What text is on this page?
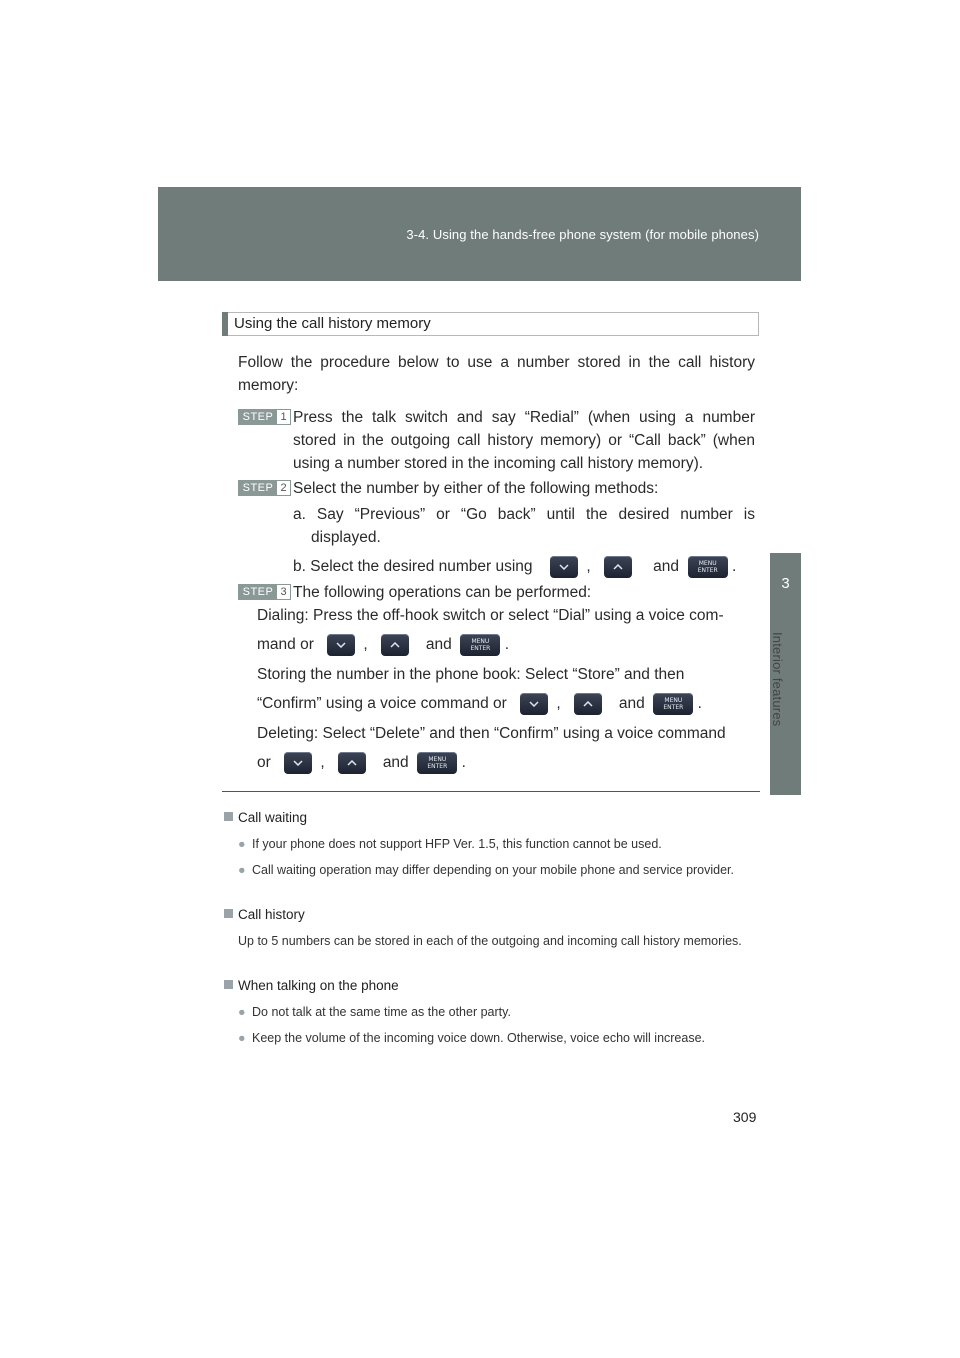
3-4. Using the hands-free phone system (for mobile phones)
3
Interior features
Using the call history memory
Follow the procedure below to use a number stored in the call history memory:
STEP 1 Press the talk switch and say “Redial” (when using a number stored in the outgoing call history memory) or “Call back” (when using a number stored in the incoming call history memory).
STEP 2 Select the number by either of the following methods:
a. Say “Previous” or “Go back” until the desired number is displayed.
b. Select the desired number using	,	and	MENU
ENTER .
STEP 3 The following operations can be performed:
Dialing: Press the off-hook switch or select “Dial” using a voice com-
mand or	,	and	MENU
ENTER .
Storing the number in the phone book: Select “Store” and then
“Confirm” using a voice command or	,	and	MENU
ENTER .
Deleting: Select “Delete” and then “Confirm” using a voice command
or	,	and	MENU
ENTER .
Call waiting
● If your phone does not support HFP Ver. 1.5, this function cannot be used.
● Call waiting operation may differ depending on your mobile phone and service provider.
Call history
Up to 5 numbers can be stored in each of the outgoing and incoming call history memories.
When talking on the phone
● Do not talk at the same time as the other party.
● Keep the volume of the incoming voice down. Otherwise, voice echo will increase.
309
